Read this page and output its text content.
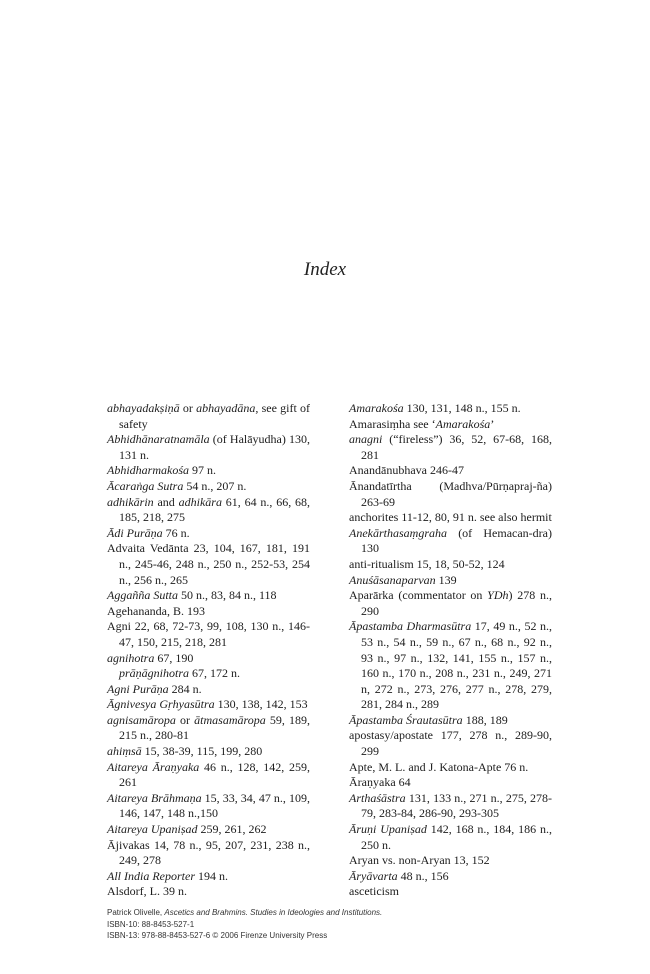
Index

abhayadakṣiṇā or abhayadāna, see gift of safety

Abhidhānaratnamāla (of Halāyudha) 130, 131 n.

Abhidharmakośa 97 n.

Ācaraṅga Sutra 54 n., 207 n.

adhikārin and adhikāra 61, 64 n., 66, 68, 185, 218, 275

Ādi Purāṇa 76 n.

Advaita Vedānta 23, 104, 167, 181, 191 n., 245-46, 248 n., 250 n., 252-53, 254 n., 256 n., 265

Aggañña Sutta 50 n., 83, 84 n., 118

Agehananda, B. 193

Agni 22, 68, 72-73, 99, 108, 130 n., 146-47, 150, 215, 218, 281

agnihotra 67, 190

prāṇāgnihotra 67, 172 n.

Agni Purāṇa 284 n.

Āgnivesya Gṛhyasūtra 130, 138, 142, 153

agnisamāropa or ātmasamāropa 59, 189, 215 n., 280-81

ahiṃsā 15, 38-39, 115, 199, 280

Aitareya Āraṇyaka 46 n., 128, 142, 259, 261

Aitareya Brāhmaṇa 15, 33, 34, 47 n., 109, 146, 147, 148 n.,150

Aitareya Upaniṣad 259, 261, 262

Ājivakas 14, 78 n., 95, 207, 231, 238 n., 249, 278

All India Reporter 194 n.

Alsdorf, L. 39 n.

Amarakośa 130, 131, 148 n., 155 n.

Amarasiṃha see ‘Amarakośa’

anagni (“fireless”) 36, 52, 67-68, 168, 281

Anandānubhava 246-47

Ānandatīrtha (Madhva/Pūrṇapraj-ña) 263-69

anchorites 11-12, 80, 91 n. see also hermit

Anekārthasaṃgraha (of Hemacan-dra) 130

anti-ritualism 15, 18, 50-52, 124

Anuśāsanaparvan 139

Aparārka (commentator on YDh) 278 n., 290

Āpastamba Dharmasūtra 17, 49 n., 52 n., 53 n., 54 n., 59 n., 67 n., 68 n., 92 n., 93 n., 97 n., 132, 141, 155 n., 157 n., 160 n., 170 n., 208 n., 231 n., 249, 271 n, 272 n., 273, 276, 277 n., 278, 279, 281, 284 n., 289

Āpastamba Śrautasūtra 188, 189

apostasy/apostate 177, 278 n., 289-90, 299

Apte, M. L. and J. Katona-Apte 76 n.

Āraṇyaka 64

Arthaśāstra 131, 133 n., 271 n., 275, 278-79, 283-84, 286-90, 293-305

Āruṇi Upaniṣad 142, 168 n., 184, 186 n., 250 n.

Aryan vs. non-Aryan 13, 152

Āryāvarta 48 n., 156

asceticism

Patrick Olivelle, Ascetics and Brahmins. Studies in Ideologies and Institutions.
ISBN-10: 88-8453-527-1
ISBN-13: 978-88-8453-527-6 © 2006 Firenze University Press
